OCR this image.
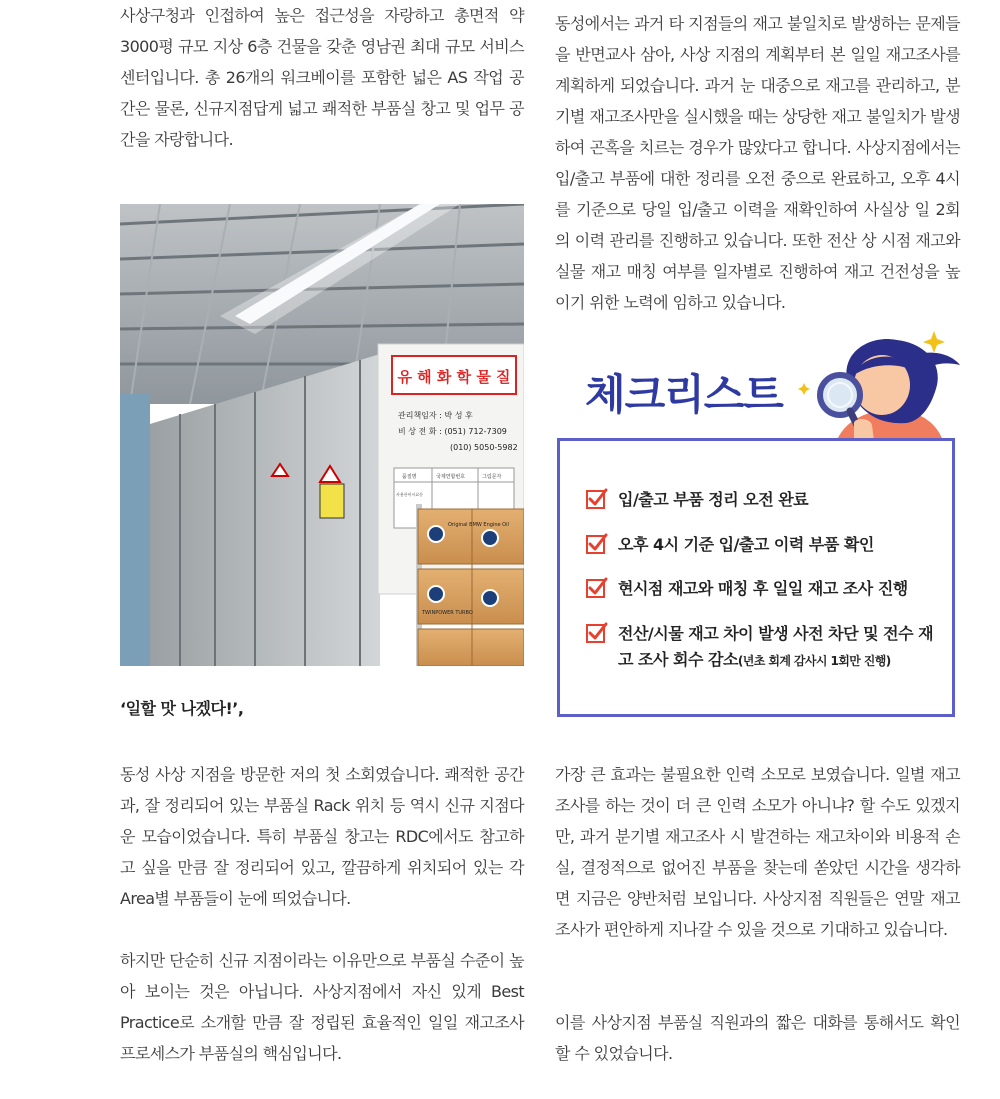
사상구청과 인접하여 높은 접근성을 자랑하고 총면적 약 3000평 규모 지상 6층 건물을 갖춘 영남권 최대 규모 서비스센터입니다. 총 26개의 워크베이를 포함한 넓은 AS 작업 공간은 물론, 신규지점답게 넓고 쾌적한 부품실 창고 및 업무 공간을 자랑합니다.

유 해 화 학 물 질
관리책임자 : 박 성 후
비 상 전 화 : (051) 712-7309
(010) 5050-5982
품질명	국제연합번호	그림문자
사용산이시료등
Original BMW Engine Oil
TWINPOWER TURBO
‘일할 맛 나겠다!’,

동성 사상 지점을 방문한 저의 첫 소회였습니다. 쾌적한 공간과, 잘 정리되어 있는 부품실 Rack 위치 등 역시 신규 지점다운 모습이었습니다. 특히 부품실 창고는 RDC에서도 참고하고 싶을 만큼 잘 정리되어 있고, 깔끔하게 위치되어 있는 각 Area별 부품들이 눈에 띄었습니다.

하지만 단순히 신규 지점이라는 이유만으로 부품실 수준이 높아 보이는 것은 아닙니다. 사상지점에서 자신 있게 Best Practice로 소개할 만큼 잘 정립된 효율적인 일일 재고조사 프로세스가 부품실의 핵심입니다.

동성에서는 과거 타 지점들의 재고 불일치로 발생하는 문제들을 반면교사 삼아, 사상 지점의 계획부터 본 일일 재고조사를 계획하게 되었습니다. 과거 눈 대중으로 재고를 관리하고, 분기별 재고조사만을 실시했을 때는 상당한 재고 불일치가 발생하여 곤혹을 치르는 경우가 많았다고 합니다. 사상지점에서는 입/출고 부품에 대한 정리를 오전 중으로 완료하고, 오후 4시를 기준으로 당일 입/출고 이력을 재확인하여 사실상 일 2회의 이력 관리를 진행하고 있습니다. 또한 전산 상 시점 재고와 실물 재고 매칭 여부를 일자별로 진행하여 재고 건전성을 높이기 위한 노력에 임하고 있습니다.

체크리스트
입/출고 부품 정리 오전 완료
오후 4시 기준 입/출고 이력 부품 확인
현시점 재고와 매칭 후 일일 재고 조사 진행
전산/시물 재고 차이 발생 사전 차단 및 전수 재고 조사 회수 감소(년초 회계 감사시 1회만 진행)

가장 큰 효과는 불필요한 인력 소모로 보였습니다. 일별 재고조사를 하는 것이 더 큰 인력 소모가 아니냐? 할 수도 있겠지만, 과거 분기별 재고조사 시 발견하는 재고차이와 비용적 손실, 결정적으로 없어진 부품을 찾는데 쏟았던 시간을 생각하면 지금은 양반처럼 보입니다. 사상지점 직원들은 연말 재고조사가 편안하게 지나갈 수 있을 것으로 기대하고 있습니다.

이를 사상지점 부품실 직원과의 짧은 대화를 통해서도 확인 할 수 있었습니다.
